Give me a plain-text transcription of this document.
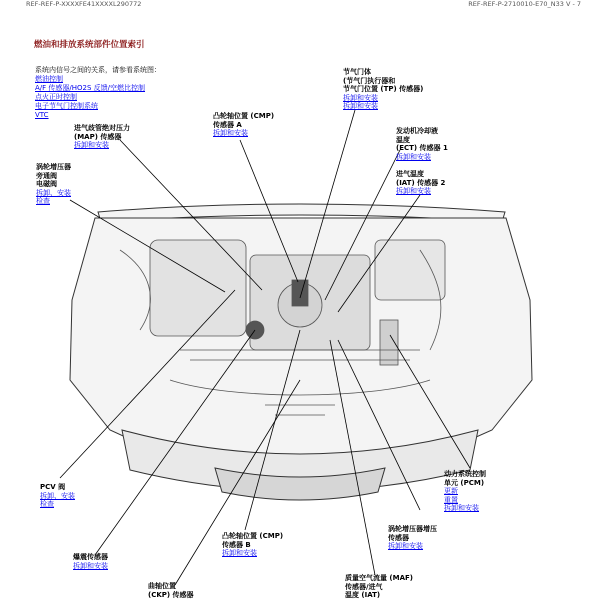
REF-REF-P-XXXXFE41XXXXL290772	REF-REF-P-2710010-E70_N33 V - 7
燃油和排放系统部件位置索引
系统内信号之间的关系，请参看系统图：
燃油控制
A/F 传感器/HO2S 反馈/空燃比控制
点火正时控制
电子节气门控制系统
VTC
节气门体
(节气门执行器和
节气门位置 (TP) 传感器)
拆卸和安装
拆卸和安装
进气歧管绝对压力
(MAP) 传感器
拆卸和安装
凸轮轴位置 (CMP)
传感器 A
拆卸和安装	发动机冷却液
温度
(ECT) 传感器 1
拆卸和安装
涡轮增压器
旁通阀
电磁阀
拆卸、安装
检查
进气温度
(IAT) 传感器 2
拆卸和安装
PCV 阀
拆卸、安装
检查
动力系统控制
单元 (PCM)
更新
重置
拆卸和安装
涡轮增压器增压
传感器
拆卸和安装
凸轮轴位置 (CMP)
传感器 B
拆卸和安装
爆震传感器
拆卸和安装
曲轴位置
(CKP) 传感器
质量空气流量 (MAF)
传感器/进气
温度 (IAT)
